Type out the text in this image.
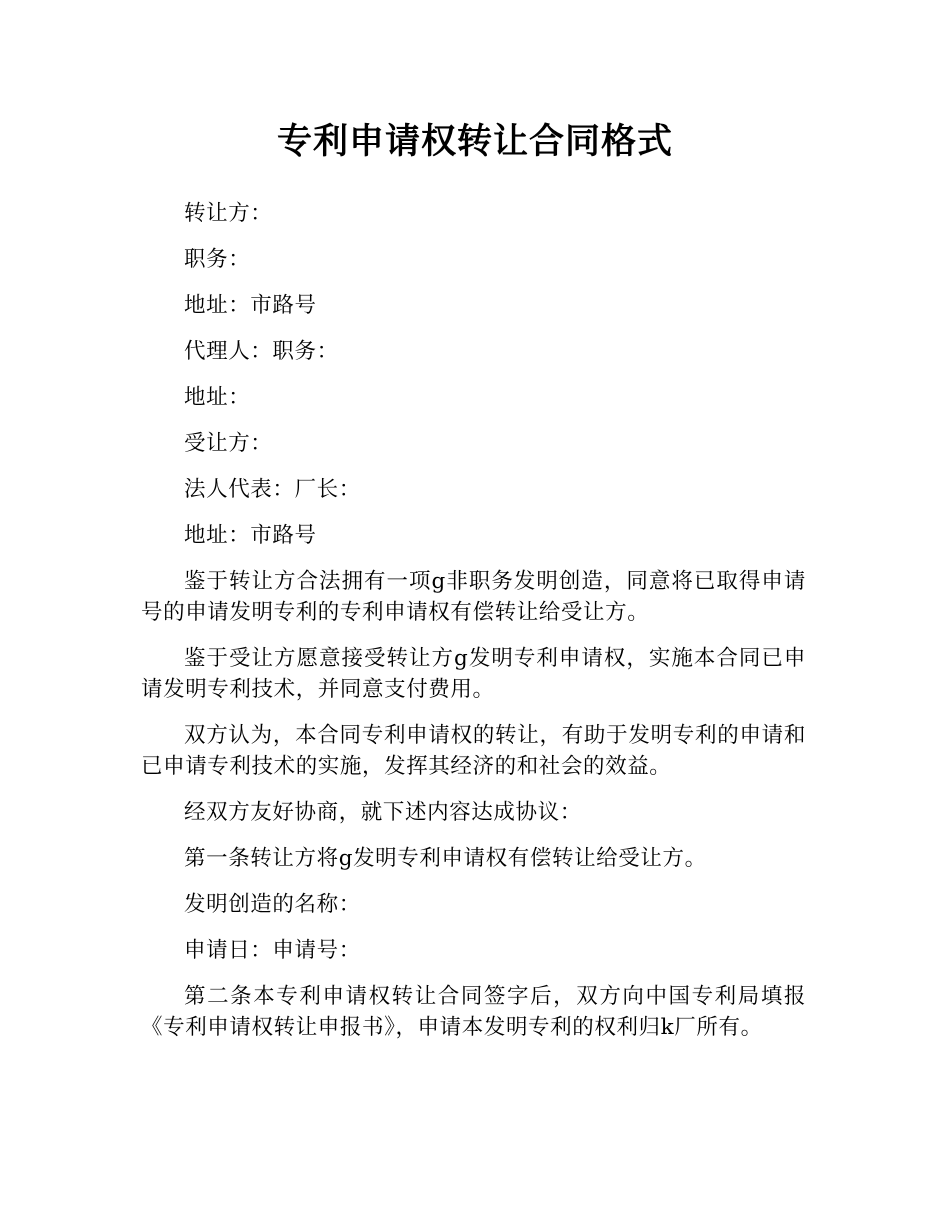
专利申请权转让合同格式

转让方：

职务：

地址：市路号

代理人：职务：

地址：

受让方：

法人代表：厂长：

地址：市路号

鉴于转让方合法拥有一项g非职务发明创造，同意将已取得申请号的申请发明专利的专利申请权有偿转让给受让方。

鉴于受让方愿意接受转让方g发明专利申请权，实施本合同已申请发明专利技术，并同意支付费用。

双方认为，本合同专利申请权的转让，有助于发明专利的申请和已申请专利技术的实施，发挥其经济的和社会的效益。

经双方友好协商，就下述内容达成协议：

第一条转让方将g发明专利申请权有偿转让给受让方。

发明创造的名称：

申请日：申请号：

第二条本专利申请权转让合同签字后，双方向中国专利局填报《专利申请权转让申报书》，申请本发明专利的权利归k厂所有。
